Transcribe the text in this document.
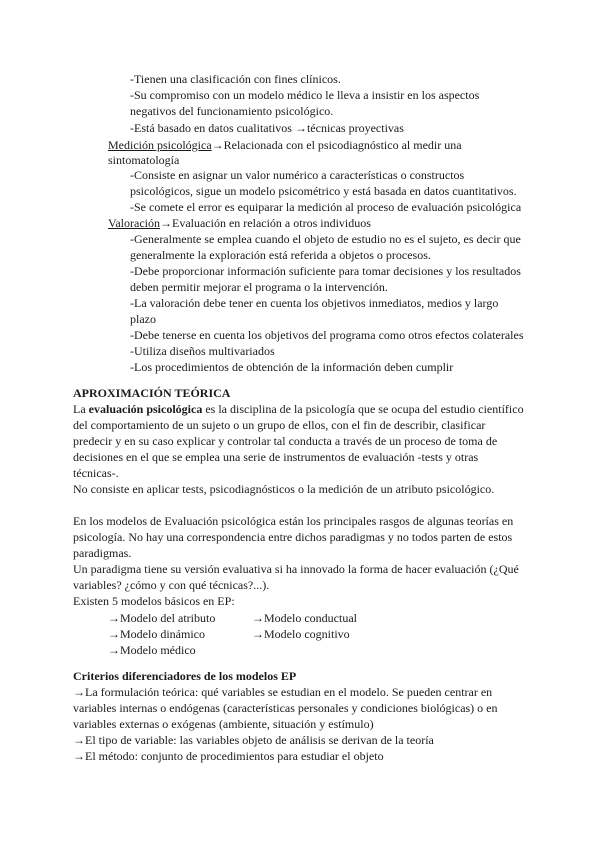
-Tienen una clasificación con fines clínicos.
-Su compromiso con un modelo médico le lleva a insistir en los aspectos
negativos del funcionamiento psicológico.
-Está basado en datos cualitativos →técnicas proyectivas
Medición psicológica→Relacionada con el psicodiagnóstico al medir una
sintomatología
-Consiste en asignar un valor numérico a características o constructos
psicológicos, sigue un modelo psicométrico y está basada en datos cuantitativos.
-Se comete el error es equiparar la medición al proceso de evaluación psicológica
Valoración→Evaluación en relación a otros individuos
-Generalmente se emplea cuando el objeto de estudio no es el sujeto, es decir que
generalmente la exploración está referida a objetos o procesos.
-Debe proporcionar información suficiente para tomar decisiones y los resultados
deben permitir mejorar el programa o la intervención.
-La valoración debe tener en cuenta los objetivos inmediatos, medios y largo
plazo
-Debe tenerse en cuenta los objetivos del programa como otros efectos colaterales
-Utiliza diseños multivariados
-Los procedimientos de obtención de la información deben cumplir
APROXIMACIÓN TEÓRICA
La evaluación psicológica es la disciplina de la psicología que se ocupa del estudio científico
del comportamiento de un sujeto o un grupo de ellos, con el fin de describir, clasificar
predecir y en su caso explicar y controlar tal conducta a través de un proceso de toma de
decisiones en el que se emplea una serie de instrumentos de evaluación -tests y otras
técnicas-.
No consiste en aplicar tests, psicodiagnósticos o la medición de un atributo psicológico.
En los modelos de Evaluación psicológica están los principales rasgos de algunas teorías en
psicología. No hay una correspondencia entre dichos paradigmas y no todos parten de estos
paradigmas.
Un paradigma tiene su versión evaluativa si ha innovado la forma de hacer evaluación (¿Qué
variables? ¿cómo y con qué técnicas?...).
Existen 5 modelos básicos en EP:
→Modelo del atributo	→Modelo conductual
→Modelo dinámico	→Modelo cognitivo
→Modelo médico
Criterios diferenciadores de los modelos EP
→La formulación teórica: qué variables se estudian en el modelo. Se pueden centrar en
variables internas o endógenas (características personales y condiciones biológicas) o en
variables externas o exógenas (ambiente, situación y estímulo)
→El tipo de variable: las variables objeto de análisis se derivan de la teoría
→El método: conjunto de procedimientos para estudiar el objeto
